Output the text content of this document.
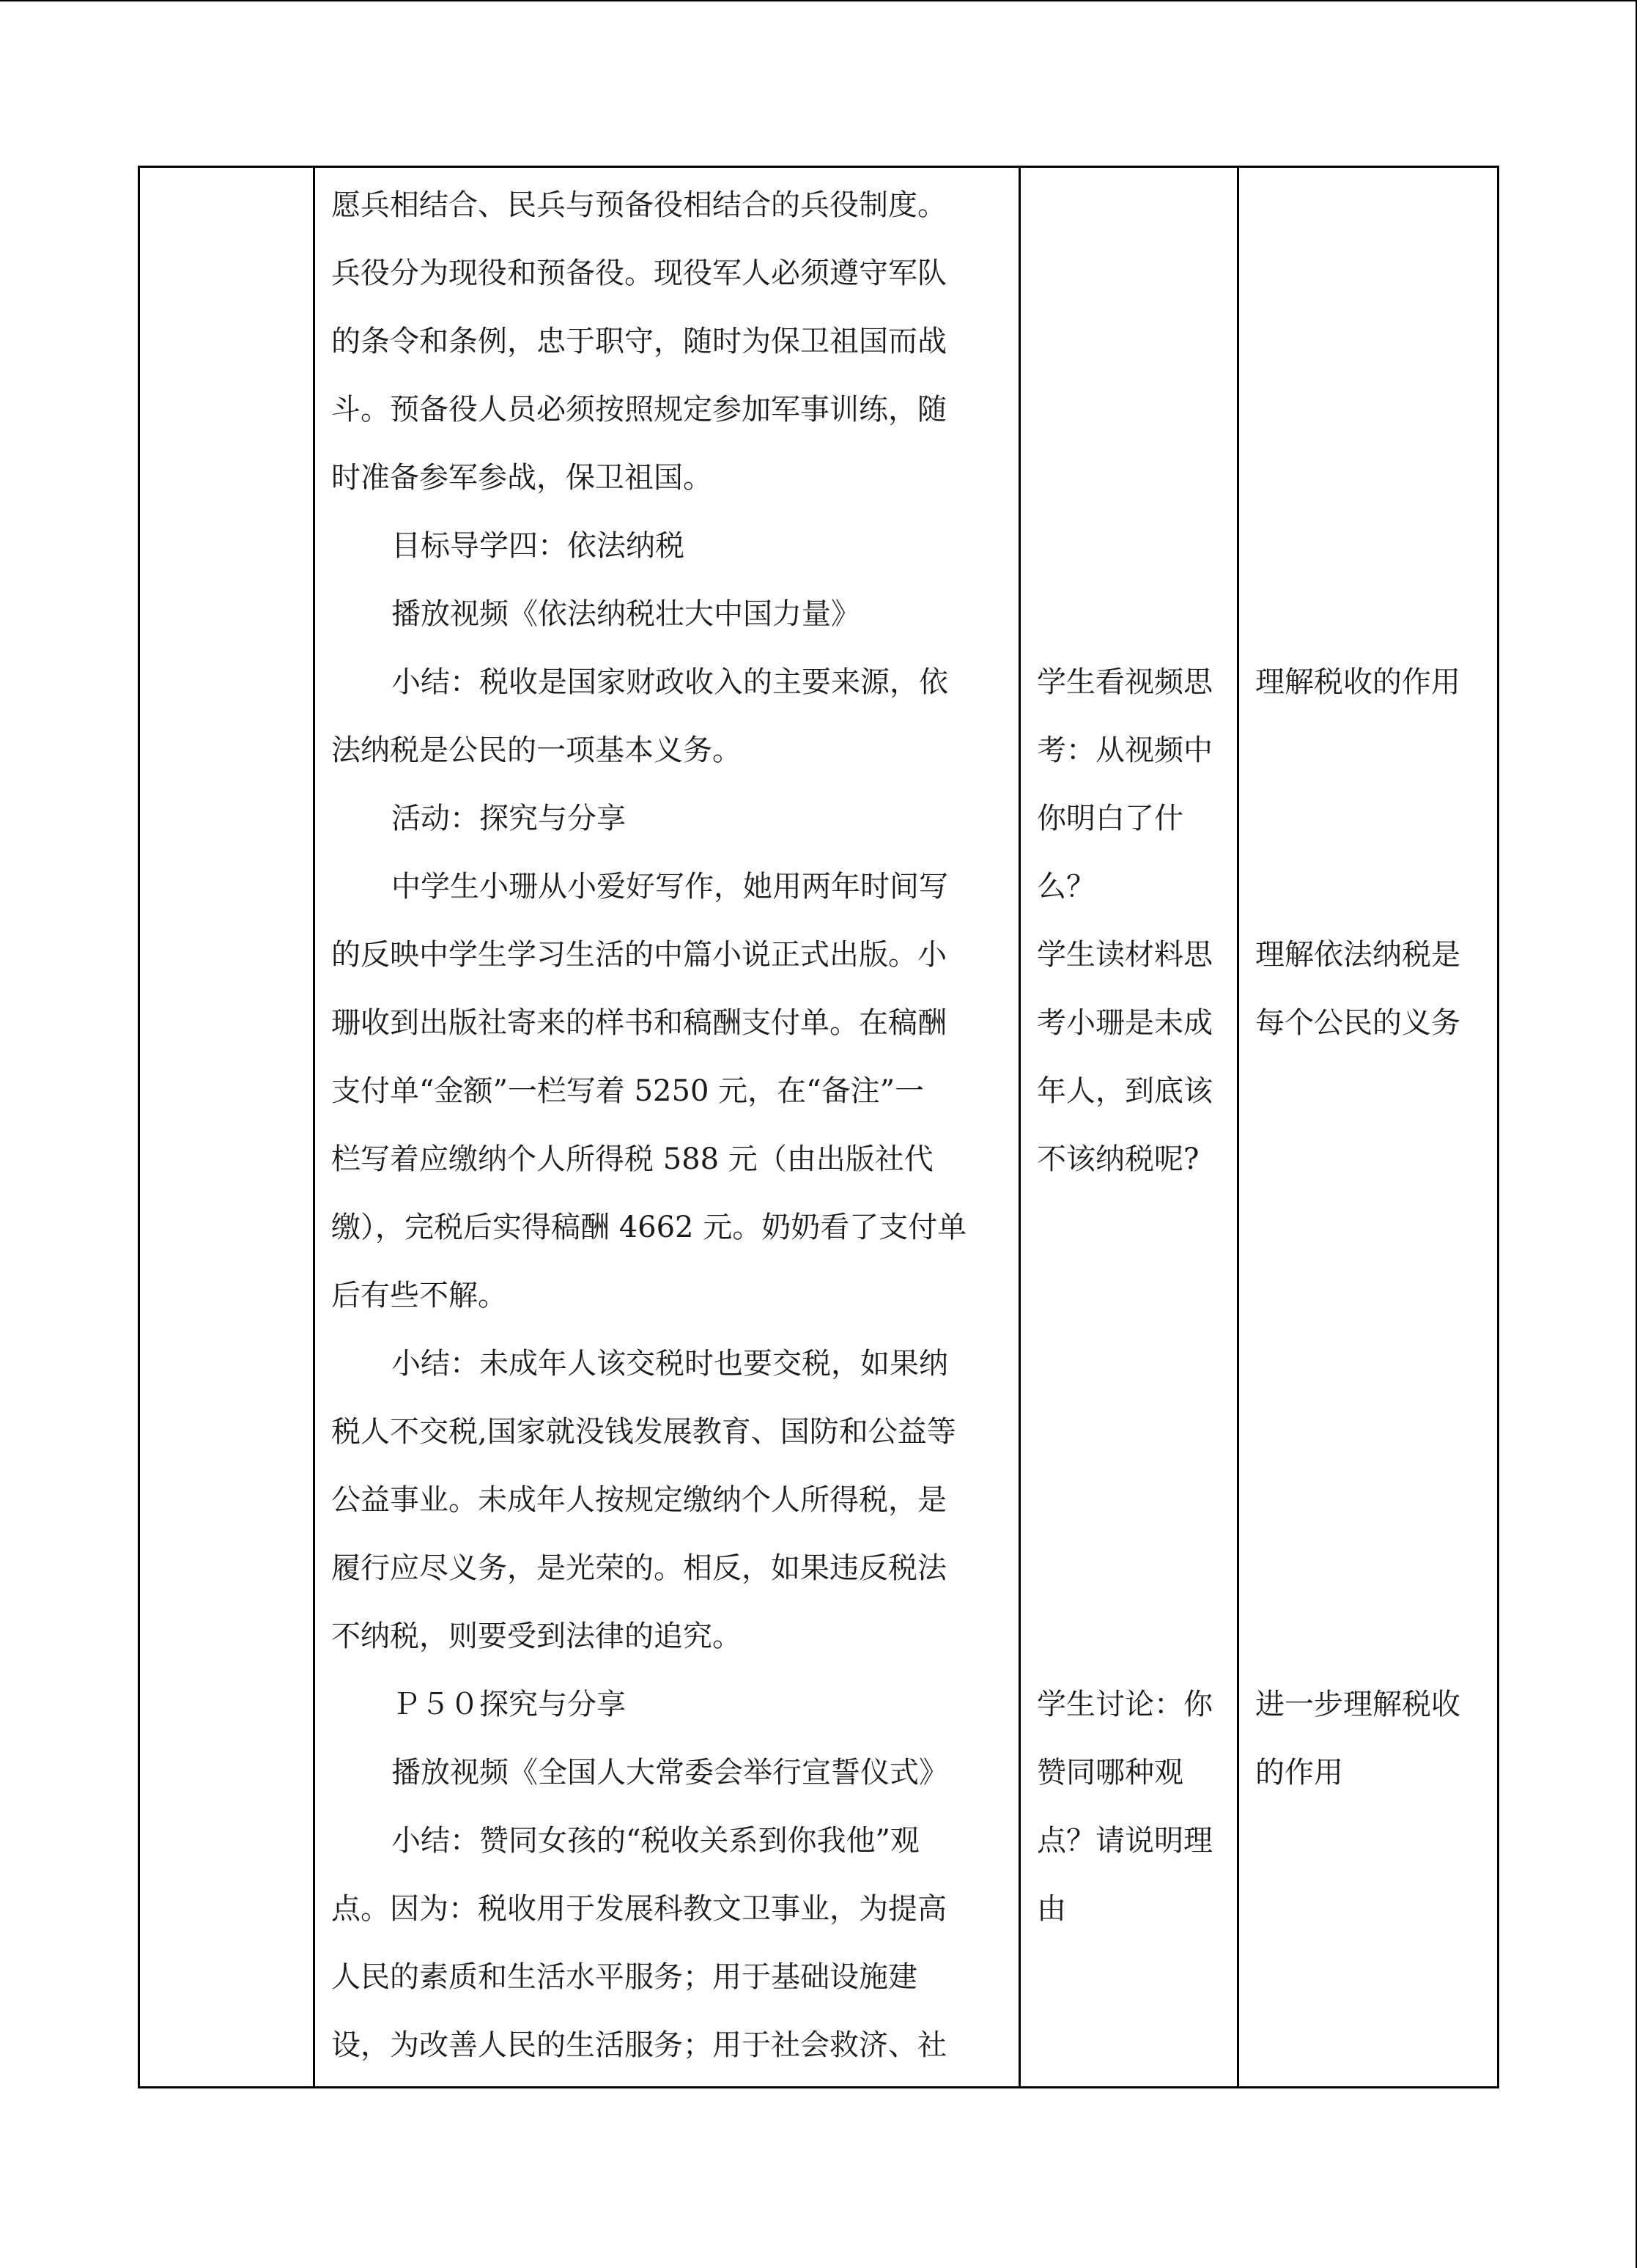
愿兵相结合、民兵与预备役相结合的兵役制度。
兵役分为现役和预备役。现役军人必须遵守军队
的条令和条例，忠于职守，随时为保卫祖国而战
斗。预备役人员必须按照规定参加军事训练，随
时准备参军参战，保卫祖国。
目标导学四：依法纳税
播放视频《依法纳税壮大中国力量》
小结：税收是国家财政收入的主要来源，依
法纳税是公民的一项基本义务。
活动：探究与分享
中学生小珊从小爱好写作，她用两年时间写
的反映中学生学习生活的中篇小说正式出版。小
珊收到出版社寄来的样书和稿酬支付单。在稿酬
支付单“金额”一栏写着 5250 元，在“备注”一
栏写着应缴纳个人所得税 588 元（由出版社代
缴），完税后实得稿酬 4662 元。奶奶看了支付单
后有些不解。
小结：未成年人该交税时也要交税，如果纳
税人不交税,国家就没钱发展教育、国防和公益等
公益事业。未成年人按规定缴纳个人所得税，是
履行应尽义务，是光荣的。相反，如果违反税法
不纳税，则要受到法律的追究。
Ｐ５０探究与分享
播放视频《全国人大常委会举行宣誓仪式》
小结：赞同女孩的“税收关系到你我他”观
点。因为：税收用于发展科教文卫事业，为提高
人民的素质和生活水平服务；用于基础设施建
设，为改善人民的生活服务；用于社会救济、社
学生看视频思
考：从视频中
你明白了什
么？
学生读材料思
考小珊是未成
年人，到底该
不该纳税呢?
学生讨论：你
赞同哪种观
点？请说明理
由
理解税收的作用
理解依法纳税是
每个公民的义务
进一步理解税收
的作用
